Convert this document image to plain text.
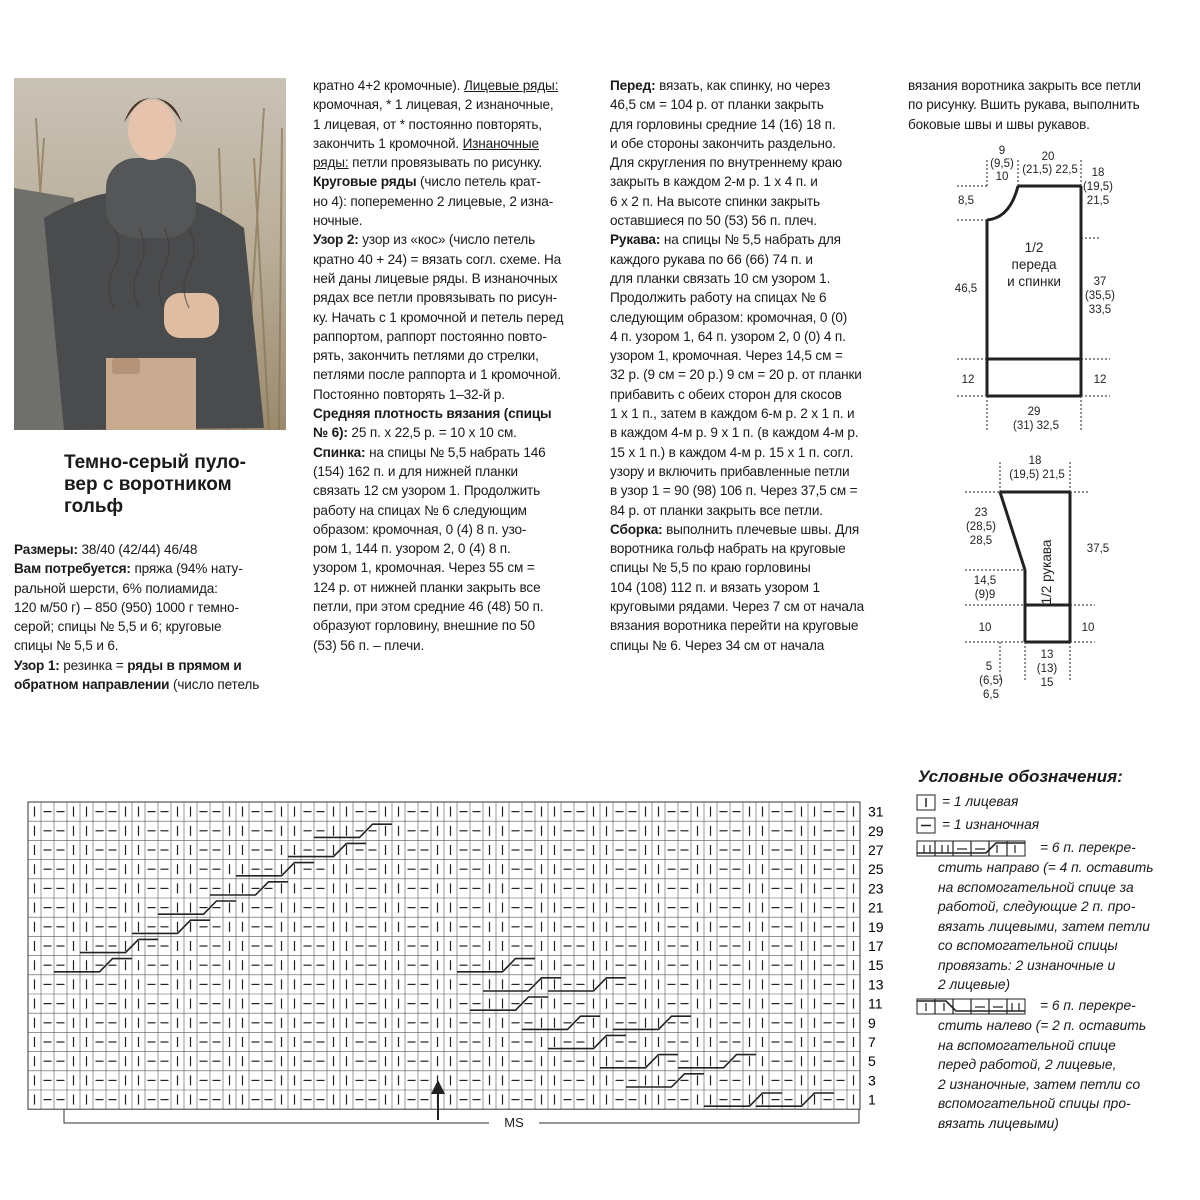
Темно-серый пуло-
вер с воротником
гольф

Размеры: 38/40 (42/44) 46/48

Вам потребуется: пряжа (94% нату-

ральной шерсти, 6% полиамида:

120 м/50 г) – 850 (950) 1000 г темно-

серой; спицы № 5,5 и 6; круговые

спицы № 5,5 и 6.

Узор 1: резинка = ряды в прямом и

обратном направлении (число петель

кратно 4+2 кромочные). Лицевые ряды:

кромочная, * 1 лицевая, 2 изнаночные,

1 лицевая, от * постоянно повторять,

закончить 1 кромочной. Изнаночные

ряды: петли провязывать по рисунку.

Круговые ряды (число петель крат-

но 4): попеременно 2 лицевые, 2 изна-

ночные.

Узор 2: узор из «кос» (число петель

кратно 40 + 24) = вязать согл. схеме. На

ней даны лицевые ряды. В изнаночных

рядах все петли провязывать по рисун-

ку. Начать с 1 кромочной и петель перед

раппортом, раппорт постоянно повто-

рять, закончить петлями до стрелки,

петлями после раппорта и 1 кромочной.

Постоянно повторять 1–32-й р.

Средняя плотность вязания (спицы

№ 6): 25 п. х 22,5 р. = 10 х 10 см.

Спинка: на спицы № 5,5 набрать 146

(154) 162 п. и для нижней планки

связать 12 см узором 1. Продолжить

работу на спицах № 6 следующим

образом: кромочная, 0 (4) 8 п. узо-

ром 1, 144 п. узором 2, 0 (4) 8 п.

узором 1, кромочная. Через 55 см =

124 р. от нижней планки закрыть все

петли, при этом средние 46 (48) 50 п.

образуют горловину, внешние по 50

(53) 56 п. – плечи.

Перед: вязать, как спинку, но через

46,5 см = 104 р. от планки закрыть

для горловины средние 14 (16) 18 п.

и обе стороны закончить раздельно.

Для скругления по внутреннему краю

закрыть в каждом 2-м р. 1 х 4 п. и

6 х 2 п. На высоте спинки закрыть

оставшиеся по 50 (53) 56 п. плеч.

Рукава: на спицы № 5,5 набрать для

каждого рукава по 66 (66) 74 п. и

для планки связать 10 см узором 1.

Продолжить работу на спицах № 6

следующим образом: кромочная, 0 (0)

4 п. узором 1, 64 п. узором 2, 0 (0) 4 п.

узором 1, кромочная. Через 14,5 см =

32 р. (9 см = 20 р.) 9 см = 20 р. от планки

прибавить с обеих сторон для скосов

1 х 1 п., затем в каждом 6-м р. 2 х 1 п. и

в каждом 4-м р. 9 х 1 п. (в каждом 4-м р.

15 х 1 п.) в каждом 4-м р. 15 х 1 п. согл.

узору и включить прибавленные петли

в узор 1 = 90 (98) 106 п. Через 37,5 см =

84 р. от планки закрыть все петли.

Сборка: выполнить плечевые швы. Для

воротника гольф набрать на круговые

спицы № 5,5 по краю горловины

104 (108) 112 п. и вязать узором 1

круговыми рядами. Через 7 см от начала

вязания воротника перейти на круговые

спицы № 6. Через 34 см от начала

вязания воротника закрыть все петли

по рисунку. Вшить рукава, выполнить

боковые швы и швы рукавов.

9
(9,5)
10
20
(21,5) 22,5
8,5
18
(19,5)
21,5
46,5
37
(35,5)
33,5
12	12
29
(31) 32,5
1/2
переда
и спинки
18
(19,5) 21,5
23
(28,5)
28,5
37,5
14,5
(9)9
10	10
13
(13)
15
5
(6,5)
6,5
1/2 рукава
31
29
27
25
23
21
19
17
15
13
11
9
7
5
3
1
MS
Условные обозначения:
= 1 лицевая
= 1 изнаночная
= 6 п. перекре-
стить направо (= 4 п. оставить
на вспомогательной спице за
работой, следующие 2 п. про-
вязать лицевыми, затем петли
со вспомогательной спицы
провязать: 2 изнаночные и
2 лицевые)
= 6 п. перекре-
стить налево (= 2 п. оставить
на вспомогательной спице
перед работой, 2 лицевые,
2 изнаночные, затем петли со
вспомогательной спицы про-
вязать лицевыми)
